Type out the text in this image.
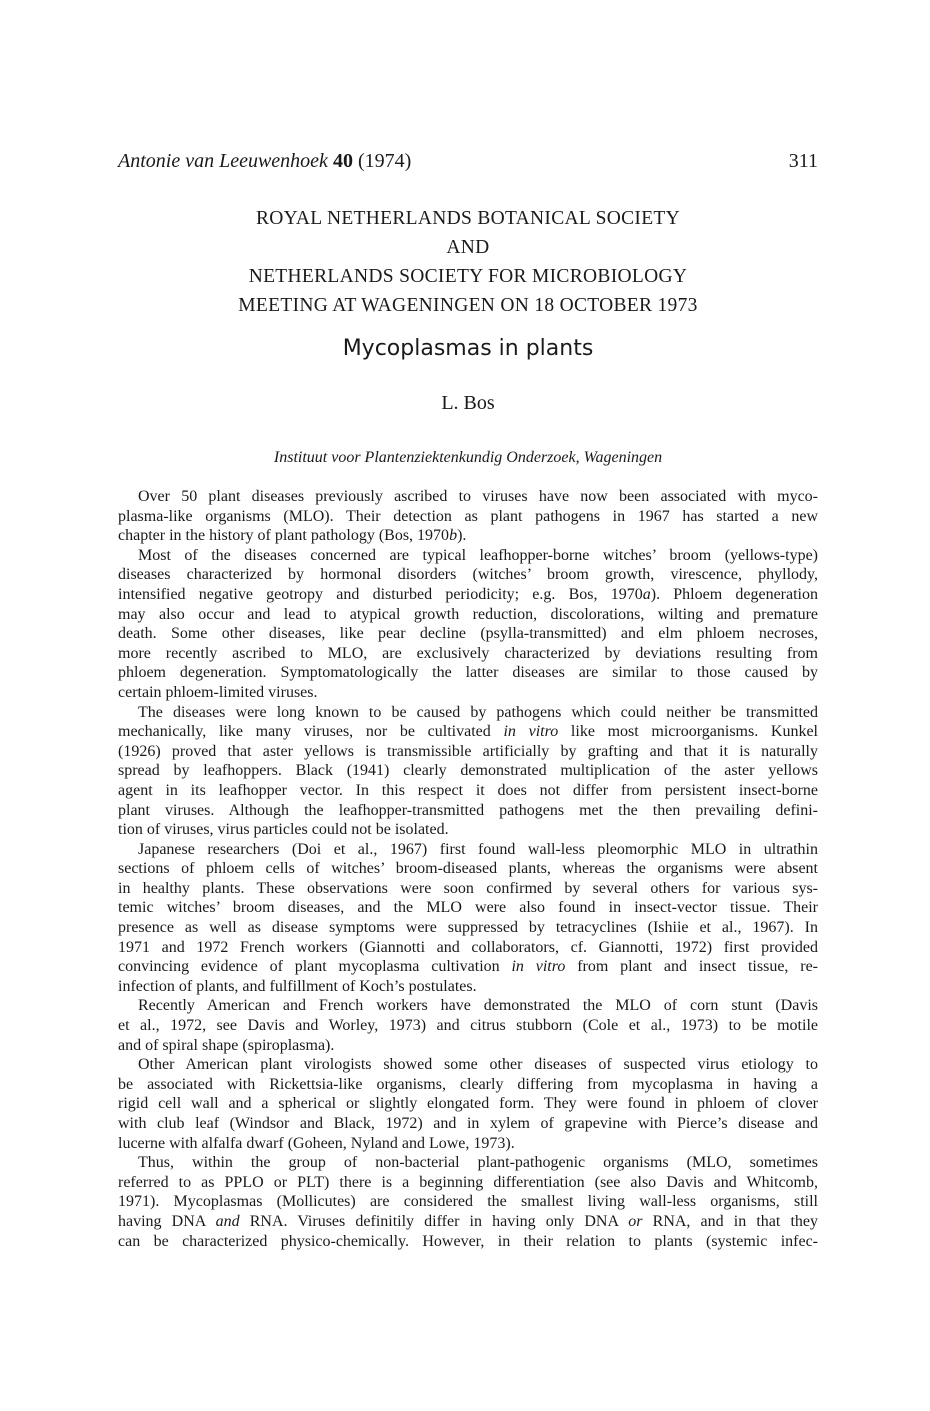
Antonie van Leeuwenhoek 40 (1974)	311
ROYAL NETHERLANDS BOTANICAL SOCIETY
AND
NETHERLANDS SOCIETY FOR MICROBIOLOGY
MEETING AT WAGENINGEN ON 18 OCTOBER 1973
Mycoplasmas in plants
L. Bos
Instituut voor Plantenziektenkundig Onderzoek, Wageningen
Over 50 plant diseases previously ascribed to viruses have now been associated with myco-
plasma-like organisms (MLO). Their detection as plant pathogens in 1967 has started a new
chapter in the history of plant pathology (Bos, 1970b).
Most of the diseases concerned are typical leafhopper-borne witches’ broom (yellows-type)
diseases characterized by hormonal disorders (witches’ broom growth, virescence, phyllody,
intensified negative geotropy and disturbed periodicity; e.g. Bos, 1970a). Phloem degeneration
may also occur and lead to atypical growth reduction, discolorations, wilting and premature
death. Some other diseases, like pear decline (psylla-transmitted) and elm phloem necroses,
more recently ascribed to MLO, are exclusively characterized by deviations resulting from
phloem degeneration. Symptomatologically the latter diseases are similar to those caused by
certain phloem-limited viruses.
The diseases were long known to be caused by pathogens which could neither be transmitted
mechanically, like many viruses, nor be cultivated in vitro like most microorganisms. Kunkel
(1926) proved that aster yellows is transmissible artificially by grafting and that it is naturally
spread by leafhoppers. Black (1941) clearly demonstrated multiplication of the aster yellows
agent in its leafhopper vector. In this respect it does not differ from persistent insect-borne
plant viruses. Although the leafhopper-transmitted pathogens met the then prevailing defini-
tion of viruses, virus particles could not be isolated.
Japanese researchers (Doi et al., 1967) first found wall-less pleomorphic MLO in ultrathin
sections of phloem cells of witches’ broom-diseased plants, whereas the organisms were absent
in healthy plants. These observations were soon confirmed by several others for various sys-
temic witches’ broom diseases, and the MLO were also found in insect-vector tissue. Their
presence as well as disease symptoms were suppressed by tetracyclines (Ishiie et al., 1967). In
1971 and 1972 French workers (Giannotti and collaborators, cf. Giannotti, 1972) first provided
convincing evidence of plant mycoplasma cultivation in vitro from plant and insect tissue, re-
infection of plants, and fulfillment of Koch’s postulates.
Recently American and French workers have demonstrated the MLO of corn stunt (Davis
et al., 1972, see Davis and Worley, 1973) and citrus stubborn (Cole et al., 1973) to be motile
and of spiral shape (spiroplasma).
Other American plant virologists showed some other diseases of suspected virus etiology to
be associated with Rickettsia-like organisms, clearly differing from mycoplasma in having a
rigid cell wall and a spherical or slightly elongated form. They were found in phloem of clover
with club leaf (Windsor and Black, 1972) and in xylem of grapevine with Pierce’s disease and
lucerne with alfalfa dwarf (Goheen, Nyland and Lowe, 1973).
Thus, within the group of non-bacterial plant-pathogenic organisms (MLO, sometimes
referred to as PPLO or PLT) there is a beginning differentiation (see also Davis and Whitcomb,
1971). Mycoplasmas (Mollicutes) are considered the smallest living wall-less organisms, still
having DNA and RNA. Viruses definitily differ in having only DNA or RNA, and in that they
can be characterized physico-chemically. However, in their relation to plants (systemic infec-
